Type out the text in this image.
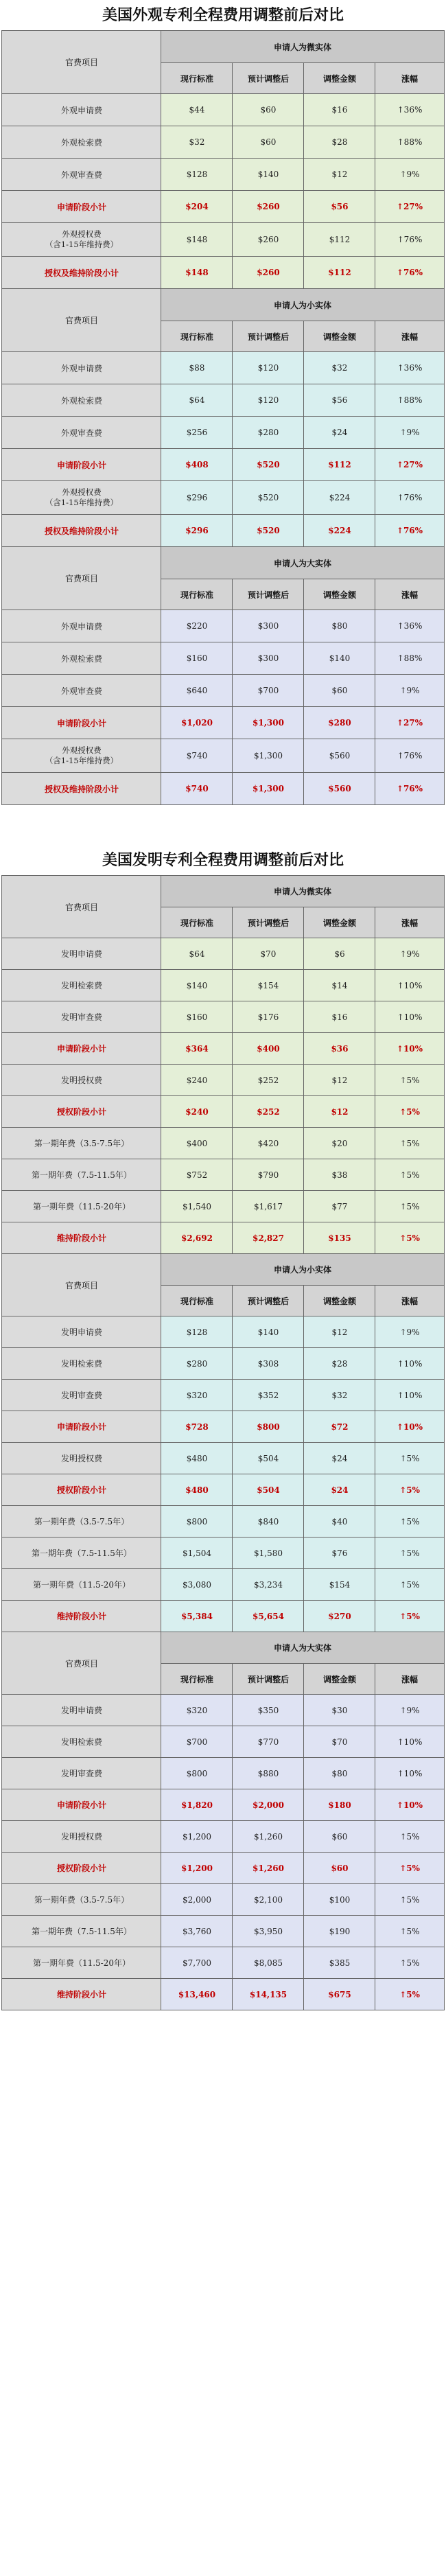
美国外观专利全程费用调整前后对比
官费项目	申请人为微实体			
	现行标准	预计调整后	调整金额	涨幅
外观申请费	$44	$60	$16	↑36%
外观检索费	$32	$60	$28	↑88%
外观审查费	$128	$140	$12	↑9%
申请阶段小计	$204	$260	$56	↑27%

外观授权费
（含1-15年维持费）	$148	$260	$112	↑76%
授权及维持阶段小计	$148	$260	$112	↑76%
官费项目	申请人为小实体			
	现行标准	预计调整后	调整金额	涨幅
外观申请费	$88	$120	$32	↑36%
外观检索费	$64	$120	$56	↑88%
外观审查费	$256	$280	$24	↑9%
申请阶段小计	$408	$520	$112	↑27%

外观授权费
（含1-15年维持费）	$296	$520	$224	↑76%
授权及维持阶段小计	$296	$520	$224	↑76%
官费项目	申请人为大实体			
	现行标准	预计调整后	调整金额	涨幅
外观申请费	$220	$300	$80	↑36%
外观检索费	$160	$300	$140	↑88%
外观审查费	$640	$700	$60	↑9%
申请阶段小计	$1,020	$1,300	$280	↑27%

外观授权费
（含1-15年维持费）	$740	$1,300	$560	↑76%
授权及维持阶段小计	$740	$1,300	$560	↑76%
美国发明专利全程费用调整前后对比
官费项目	申请人为微实体			
	现行标准	预计调整后	调整金额	涨幅
发明申请费	$64	$70	$6	↑9%
发明检索费	$140	$154	$14	↑10%
发明审查费	$160	$176	$16	↑10%
申请阶段小计	$364	$400	$36	↑10%
发明授权费	$240	$252	$12	↑5%
授权阶段小计	$240	$252	$12	↑5%
第一期年费（3.5-7.5年）	$400	$420	$20	↑5%
第一期年费（7.5-11.5年）	$752	$790	$38	↑5%
第一期年费（11.5-20年）	$1,540	$1,617	$77	↑5%
维持阶段小计	$2,692	$2,827	$135	↑5%
官费项目	申请人为小实体			
	现行标准	预计调整后	调整金额	涨幅
发明申请费	$128	$140	$12	↑9%
发明检索费	$280	$308	$28	↑10%
发明审查费	$320	$352	$32	↑10%
申请阶段小计	$728	$800	$72	↑10%
发明授权费	$480	$504	$24	↑5%
授权阶段小计	$480	$504	$24	↑5%
第一期年费（3.5-7.5年）	$800	$840	$40	↑5%
第一期年费（7.5-11.5年）	$1,504	$1,580	$76	↑5%
第一期年费（11.5-20年）	$3,080	$3,234	$154	↑5%
维持阶段小计	$5,384	$5,654	$270	↑5%
官费项目	申请人为大实体			
	现行标准	预计调整后	调整金额	涨幅
发明申请费	$320	$350	$30	↑9%
发明检索费	$700	$770	$70	↑10%
发明审查费	$800	$880	$80	↑10%
申请阶段小计	$1,820	$2,000	$180	↑10%
发明授权费	$1,200	$1,260	$60	↑5%
授权阶段小计	$1,200	$1,260	$60	↑5%
第一期年费（3.5-7.5年）	$2,000	$2,100	$100	↑5%
第一期年费（7.5-11.5年）	$3,760	$3,950	$190	↑5%
第一期年费（11.5-20年）	$7,700	$8,085	$385	↑5%
维持阶段小计	$13,460	$14,135	$675	↑5%
